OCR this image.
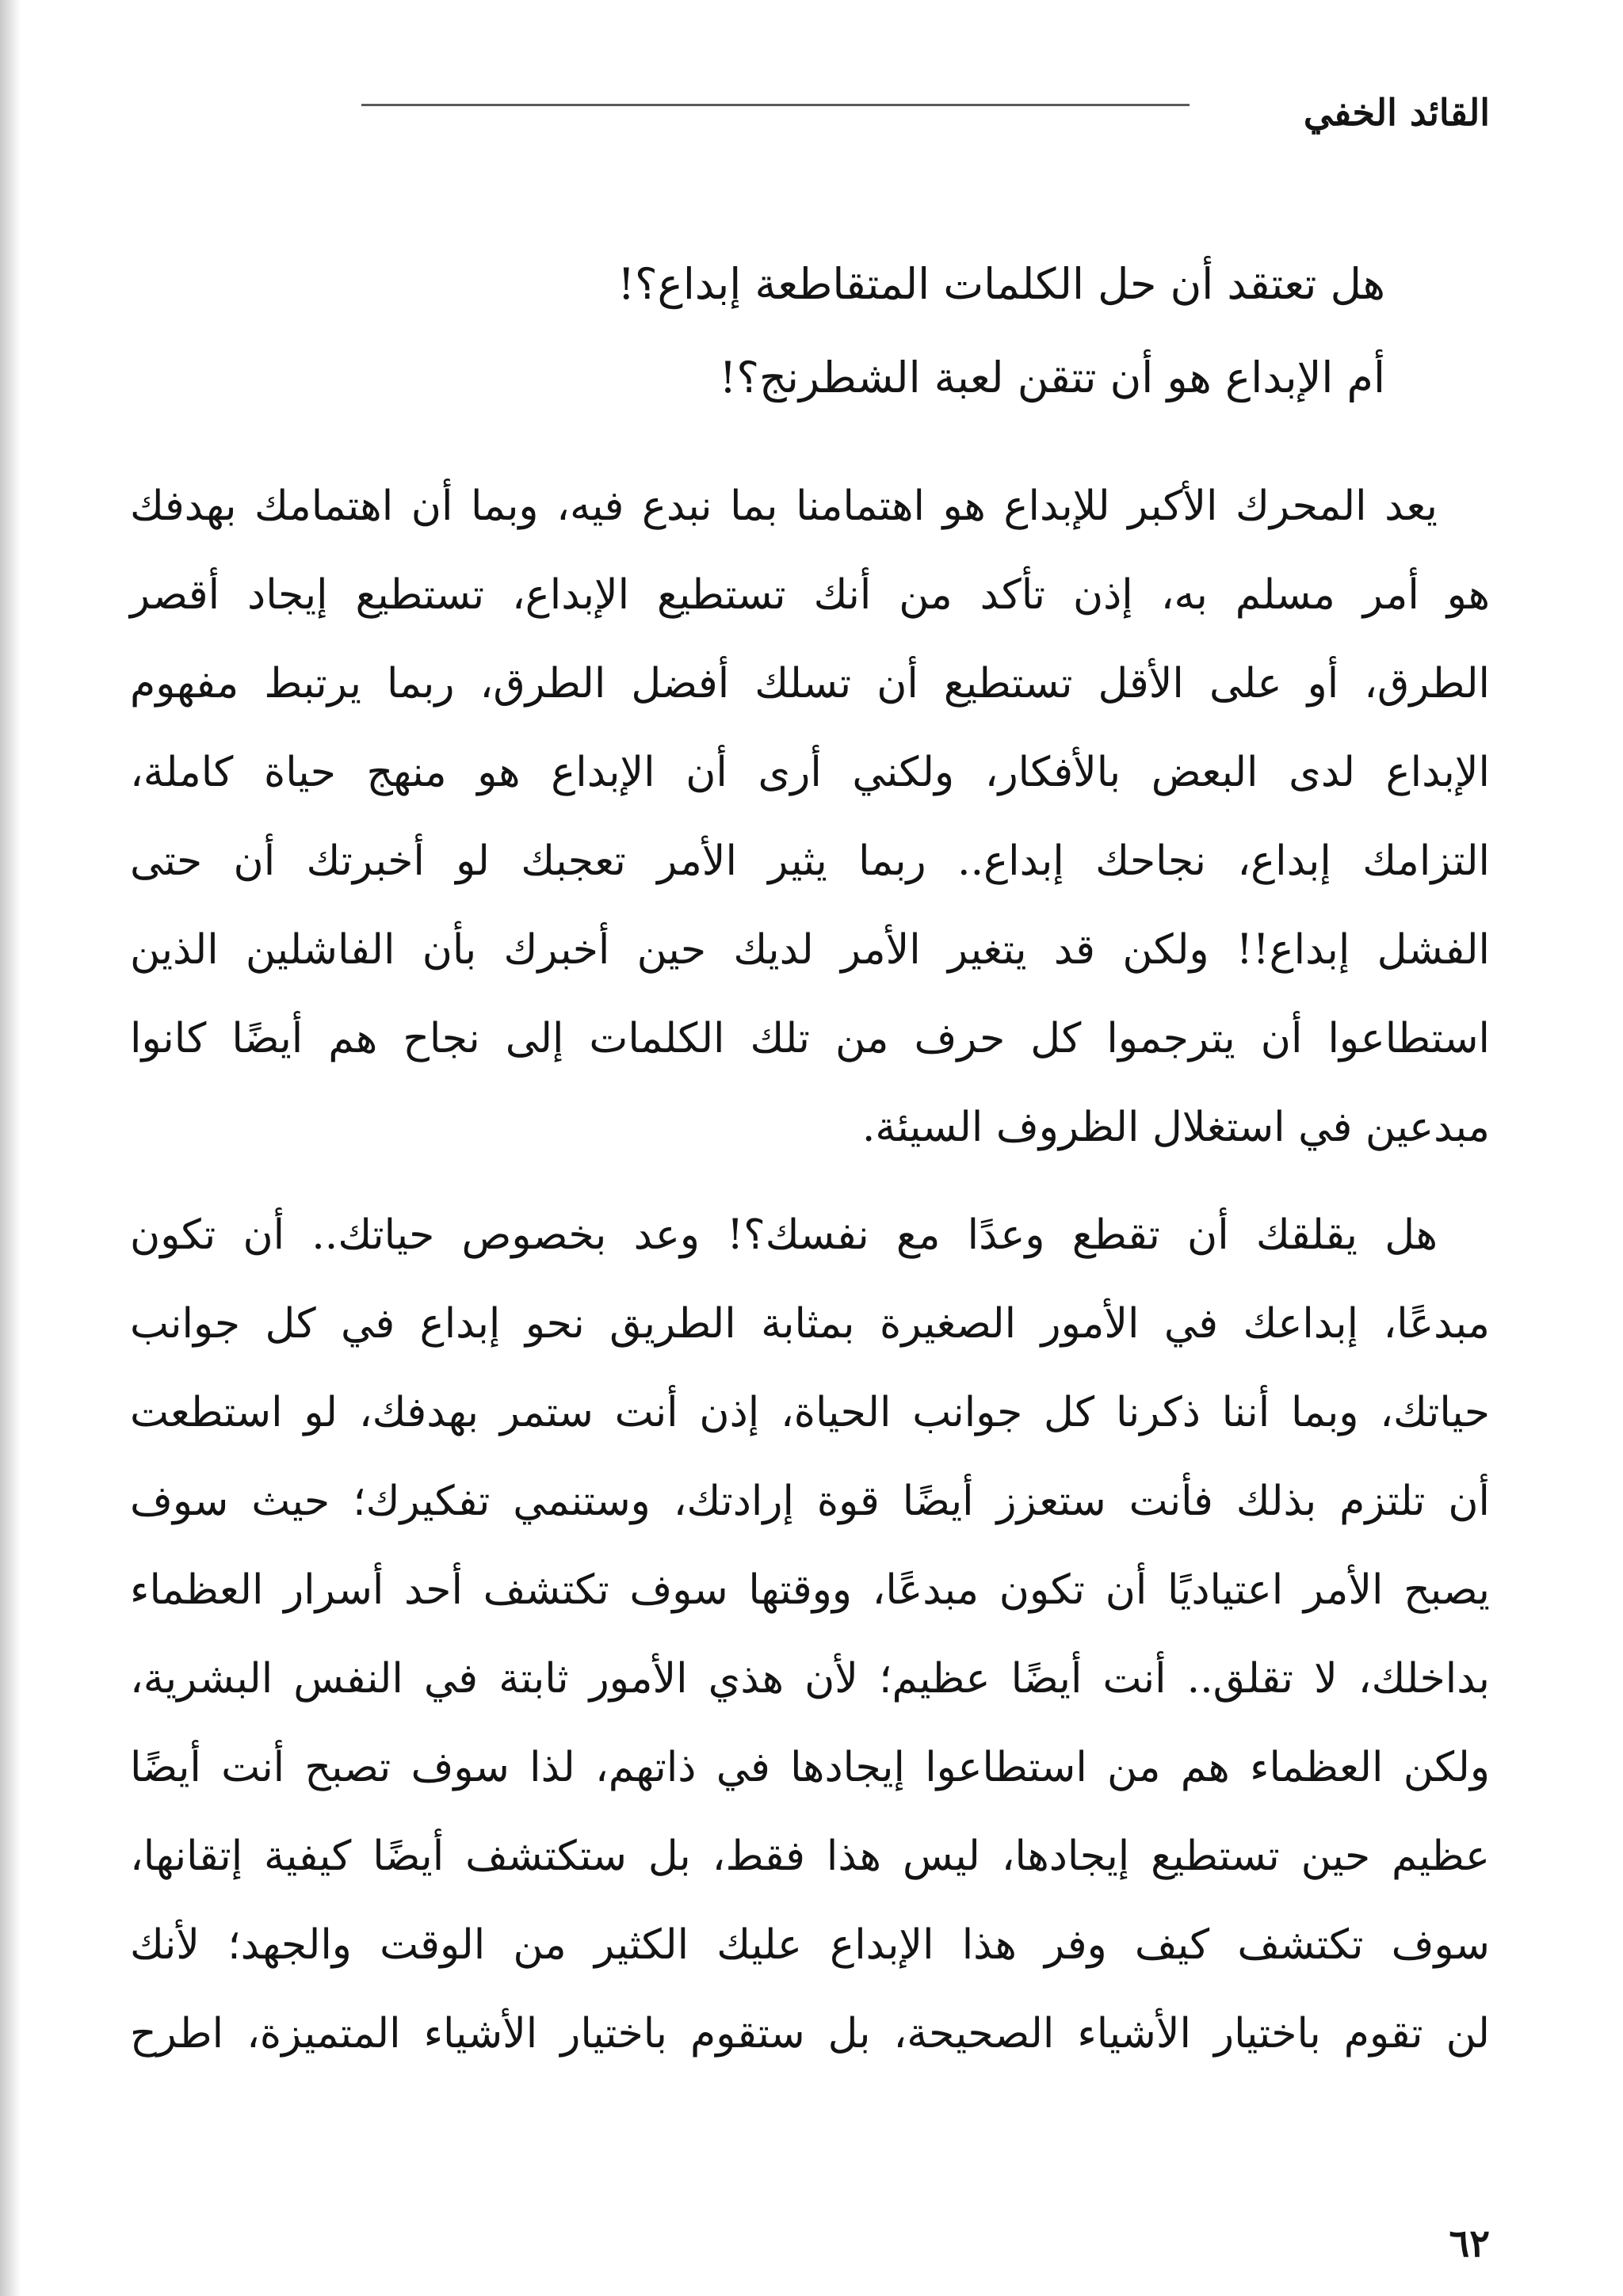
القائد الخفي

هل تعتقد أن حل الكلمات المتقاطعة إبداع؟!

أم الإبداع هو أن تتقن لعبة الشطرنج؟!

يعد المحرك الأكبر للإبداع هو اهتمامنا بما نبدع فيه، وبما أن اهتمامك بهدفك
هو أمر مسلم به، إذن تأكد من أنك تستطيع الإبداع، تستطيع إيجاد أقصر
الطرق، أو على الأقل تستطيع أن تسلك أفضل الطرق، ربما يرتبط مفهوم
الإبداع لدى البعض بالأفكار، ولكني أرى أن الإبداع هو منهج حياة كاملة،
التزامك إبداع، نجاحك إبداع.. ربما يثير الأمر تعجبك لو أخبرتك أن حتى
الفشل إبداع!! ولكن قد يتغير الأمر لديك حين أخبرك بأن الفاشلين الذين
استطاعوا أن يترجموا كل حرف من تلك الكلمات إلى نجاح هم أيضًا كانوا
مبدعين في استغلال الظروف السيئة.

هل يقلقك أن تقطع وعدًا مع نفسك؟! وعد بخصوص حياتك.. أن تكون
مبدعًا، إبداعك في الأمور الصغيرة بمثابة الطريق نحو إبداع في كل جوانب
حياتك، وبما أننا ذكرنا كل جوانب الحياة، إذن أنت ستمر بهدفك، لو استطعت
أن تلتزم بذلك فأنت ستعزز أيضًا قوة إرادتك، وستنمي تفكيرك؛ حيث سوف
يصبح الأمر اعتياديًا أن تكون مبدعًا، ووقتها سوف تكتشف أحد أسرار العظماء
بداخلك، لا تقلق.. أنت أيضًا عظيم؛ لأن هذي الأمور ثابتة في النفس البشرية،
ولكن العظماء هم من استطاعوا إيجادها في ذاتهم، لذا سوف تصبح أنت أيضًا
عظيم حين تستطيع إيجادها، ليس هذا فقط، بل ستكتشف أيضًا كيفية إتقانها،
سوف تكتشف كيف وفر هذا الإبداع عليك الكثير من الوقت والجهد؛ لأنك
لن تقوم باختيار الأشياء الصحيحة، بل ستقوم باختيار الأشياء المتميزة، اطرح

٦٢
